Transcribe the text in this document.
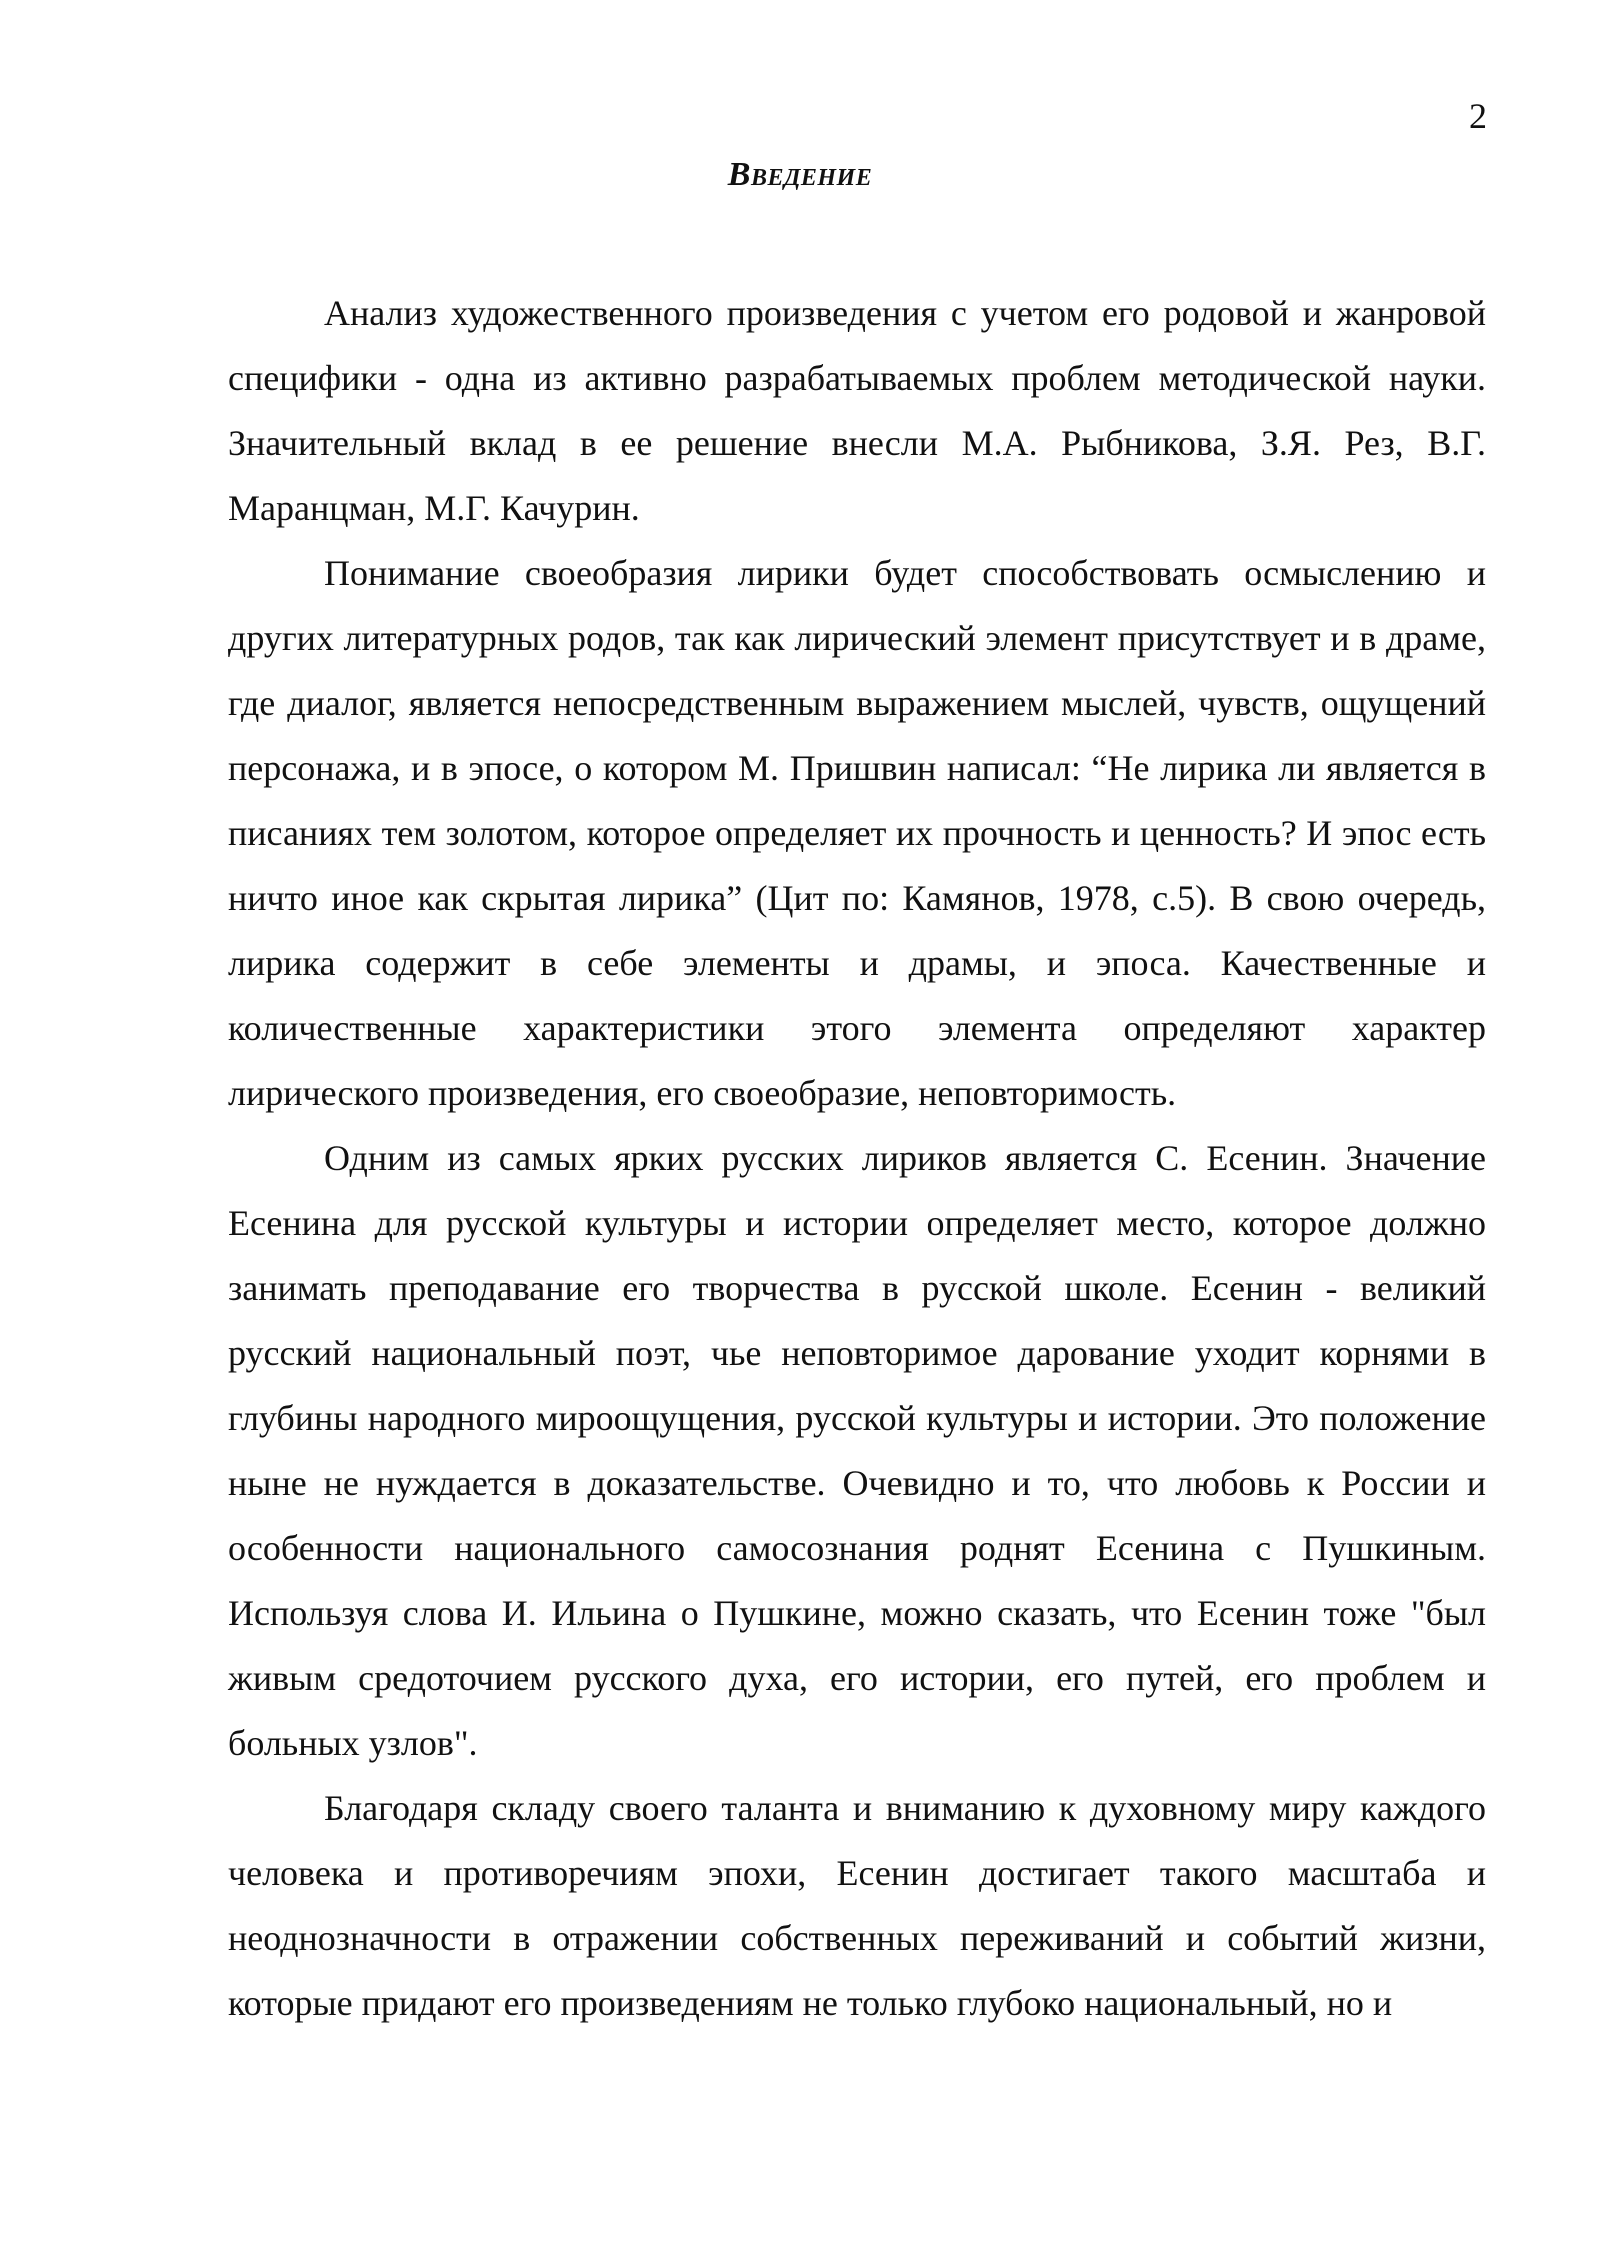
2
Введение

Анализ художественного произведения с учетом его родовой и жанровой специфики - одна из активно разрабатываемых проблем методической науки. Значительный вклад в ее решение внесли М.А. Рыбникова, З.Я. Рез, В.Г. Маранцман, М.Г. Качурин.

Понимание своеобразия лирики будет способствовать осмыслению и других литературных родов, так как лирический элемент присутствует и в драме, где диалог, является непосредственным выражением мыслей, чувств, ощущений персонажа, и в эпосе, о котором М. Пришвин написал: “Не лирика ли является в писаниях тем золотом, которое определяет их прочность и ценность? И эпос есть ничто иное как скрытая лирика” (Цит по: Камянов, 1978, с.5). В свою очередь, лирика содержит в себе элементы и драмы, и эпоса. Качественные и количественные характеристики этого элемента определяют характер лирического произведения, его своеобразие, неповторимость.

Одним из самых ярких русских лириков является С. Есенин. Значение Есенина для русской культуры и истории определяет место, которое должно занимать преподавание его творчества в русской школе. Есенин - великий русский национальный поэт, чье неповторимое дарование уходит корнями в глубины народного мироощущения, русской культуры и истории. Это положение ныне не нуждается в доказательстве. Очевидно и то, что любовь к России и особенности национального самосознания роднят Есенина с Пушкиным. Используя слова И. Ильина о Пушкине, можно сказать, что Есенин тоже "был живым средоточием русского духа, его истории, его путей, его проблем и больных узлов".

Благодаря складу своего таланта и вниманию к духовному миру каждого человека и противоречиям эпохи, Есенин достигает такого масштаба и неоднозначности в отражении собственных переживаний и событий жизни, которые придают его произведениям не только глубоко национальный, но и
